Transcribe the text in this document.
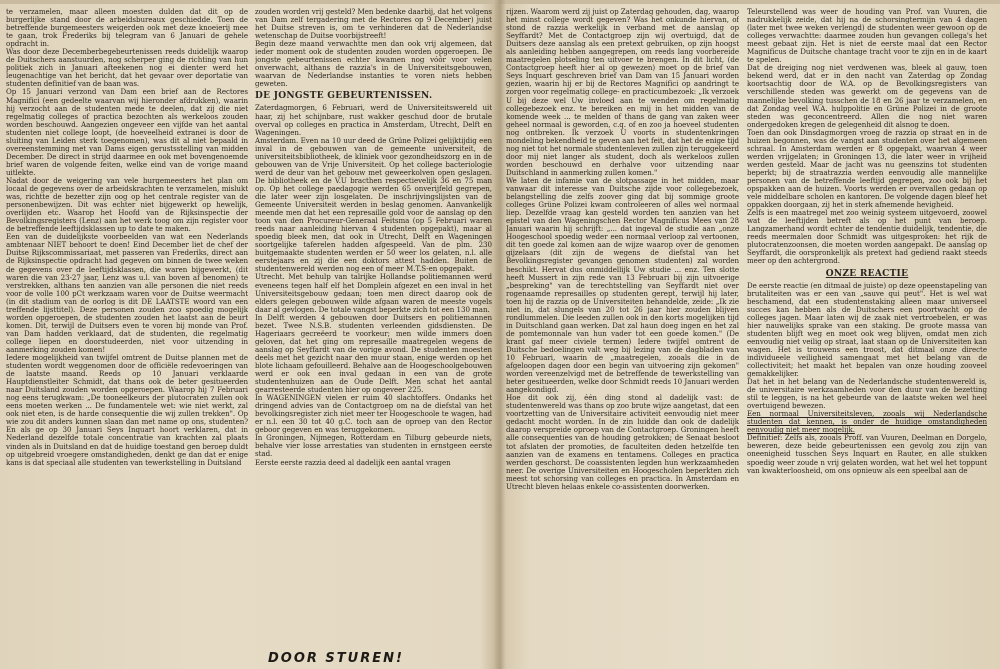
te verzamelen, maar alleen moesten dulden dat dit op de burgerlijke stand door de arbeidsbureaux geschiedde. Toen de betreffende burgemeesters weigerden ook met deze knoeierij mee te gaan, trok Frederiks bij telegram van 6 Januari de gehele opdracht in.

Was door deze Decemberbegebeurtenissen reeds duidelijk waarop de Duitschers aanstuurden, nog scherper ging de richting van hun politiek zich in Januari afteekenen nog ei dienter werd het leugenachtige van het bericht, dat het gevaar over deportatie van studenten definitief van de baan was.

Op 15 Januari verzond van Dam een brief aan de Rectores Magnifici (een gedeelte waarvan wij hieronder afdrukken), waarin hij verzocht aan de studenten mede te deelen, dat zij die niet regelmatig colleges of practica bezochten als werkeloos zouden worden beschouwd. Aangezien ongeveer een vijfde van het aantal studenten niet college loopt, (de hoeveelheid extranei is door de sluiting van Leiden sterk toegenomen), was dit al niet bepaald in overeenstemming met van Dams eigen gerustsstelling van midden December. De direct in strijd daarmee en ook met bovengenoemde brief waren de volgende feiten, welke eind van de vorige maand uitlekte.

Nadat door de weigering van vele burgemeesters het plan om locaal de gegevens over de arbeidskrachten te verzamelen, mislukt was, richtte de bezetter zijn oog op het centrale register van de personenbewijzen. Dit was echter niet bijgewerkt op hewelijk, overlijden etc. Waarop het Hoofd van de Rijksinspectie der Bevolkingsregisters (Lenz) aan het werk toog om zijn register voor de betreffende leeftijdsklassen up to date te maken.

Een van de duidelijkste voorbeelden van wat een Nederlands ambtenaar NIET behoort te doen! Eind December liet de chef der Duitse Rijkscommissariaat, met passeren van Frederiks, direct aan de Rijksinspectie opdracht had gegeven om binnen de twee weken de gegevens over de leeftijdsklassen, die waren bijgewerkt, (dit waren die van 23-27 jaar, Lenz was u.l. van boven af benomen) te verstrekken, althans ten aanzien van alle personen die niet reeds voor de volle 100 pCt werkzaam waren voor de Duitse weermacht (in dit stadium van de oorlog is dit DE LAATSTE woord van een treffende lijsttitel). Deze personen zouden zoo spoedig mogelijk worden opgeroepen, de studenten zouden het laatst aan de beurt komen. Dit, terwijl de Duitsers even te voren bij monde van Prof. van Dam hadden verklaard, dat de studenten, die regelmatig college liepen en doorstudeerden, niet voor uitzending in aanmerking zouden komen!

Iedere mogelijkheid van twijfel omtrent de Duitse plannen met de studenten wordt weggenomen door de officiële redevoeringen van de laatste maand. Reeds op 10 Januari verklaarde Hauptdienstleiter Schmidt, dat thans ook de beter gesitueerden naar Duitsland zouden worden opgeroepen. Waarop hij 7 Februari nog eens terugkwam: „De tooneelkeurs der plutocraten zullen ook eens moeten werken ... De fundamentele wet: wie niet werkt, zal ook niet eten, is de harde consequentie die wij zullen trekken". Op wie zou dit anders kunnen slaan dan met name op ons, studenten? En als ge op 30 Januari Seys Inquart hoort verklaren, dat in Nederland dezelfde totale concentratie van krachten zal plaats vinden als in Duitsland en dat de huidige toestand gen beroep duldt op uitgebreid vroegere omstandigheden, denkt ge dan dat er enige kans is dat speciaal alle studenten van tewerkstelling in Duitsland

zouden worden vrij gesteld? Men bedenke daarbij, dat het volgens van Dam zelf tergadering met de Rectores op 9 December) juist het Duitse streven is, om te verhinderen dat de Nederlandse wetenschap de Duitse voorbijstreeft!

Begin deze maand verwachtte men dan ook vrij algemeen, dat ieder moment ook de studenten zouden worden opgeroepen. De jongste gebeurtenissen echter kwamen nog vóór voor velen onverwacht, althans de razzia's in de Universiteitsgebouwen, waarvan de Nederlandse instanties te voren niets hebben geweten.

DE JONGSTE GEBEURTENISSEN.

Zaterdagmorgen, 6 Februari, werd de Universiteitswereld uit haar, zij het schijnbare, rust wakker geschud door de brutale overval op colleges en practica in Amsterdam, Utrecht, Delft en Wageningen.

Amsterdam. Even na 10 uur deed de Grüne Polizei gelijktijdig een inval in de gebouwen van de gemeente universiteit, de universiteitsbibliotheek, de kliniek voor gezondheidszorg en in de gebouwen van de Vrije Universiteit. Op het college bacteriologie werd de deur van het gebouw met geweerkolven open geslagen. De bibliotheek en de V.U bracthen respectievelijk 36 en 75 man op. Op het college paedagogie werden 65 onverijfeld gegrepen, die later weer zijn losgelaten. De inschrijvingslijsten van de Gemeente Universiteit werden in beslag genomen. Aanvankelijk meende men dat het een represaille gold voor de aanslag op den toon van den Procureur-Generaal Feitsma (op 5 Februari waren reeds naar aanleiding hiervan 4 studenten opgepakt), maar al spoedig bleek men, dat ook in Utrecht, Delft en Wageningen soortgelijke taferelen hadden afgespeeld. Van de plm. 230 buitgemaakte studenten werden er 50 weer los gelaten, n.l. alle eerstejaars en zij die een doktors attest hadden. Buiten de studentenwereld werden nog een of meer M.T.S-en opgepakt.

Utrecht. Met behulp van talrijke Hollandse politiemannen werd eveneens tegen half elf het Domplein afgezet en een inval in het Universiteitsgebouw gedaan; toen men direct daarop ook de elders gelegen gebouwen wilde afgaan waren de meeste vogels daar al gevlogen. De totale vangst beperkte zich tot een 130 man.

In Delft werden 4 gebouwen door Duitsers en politiemannen bezet. Twee N.S.B. studenten verleenden gidsdiensten. De Hageriaars gecreëerd te voorkeur; men wilde immers doen geloven, dat het ging om represaille maatregelen wegens de aanslag op Seyffardt van de vorige avond. De studenten moesten deels met het gezicht naar den muur staan, enige werden op het blote lichaam gefouilleerd. Behalve aan de Hoogeschoolgebouwen werd er ook een inval gedaan in een van de grote studentenhuizen aan de Oude Delft. Men schat het aantal gearresteerde studenten hier op ongeveer 225.

In WAGENINGEN vielen er ruim 40 slachtoffers. Ondanks het dringend advies van de Contactgroep om na de diefstal van het bevolkingsregister zich niet meer ter Hoogeschoole te wagen, had er n.l. een 30 tot 40 g.C. toch aan de oproep van den Rector geboor gegeven en was teruggekomen.

In Groningen, Nijmegen, Rotterdam en Tilburg gebeurde niets, behalve vier losse arrestaties van studenten in ernstgeen eerste stad.

Eerste eerste razzia deed al dadelijk een aantal vragen

DOOR STUREN!

rijzen. Waarom werd zij juist op Zaterdag gehouden, dag, waarop het minst college wordt gegeven? Was het onkunde hiervan, of stond de razzia werkelijk in verband met de aanslag op Seyffardt? Met de Contactgroep zijn wij overtuigd, dat de Duitsers deze aanslag als een pretext gebruiken, op zijn hoogst als aanleiding hebben aangegrepen, om reeds lang voorbereide maatregelen plotseling ten uitvoer te brengen. In dit licht, (de Contactgroep heeft hier al op gewezen) moet op de brief van Seys Inquart geschreven brief van Dam van 15 Januari worden gezien, waarin hij er bij de Rectores Magnifici op aandringt te zorgen voor regelmatig college- en practicumbezoek: „Ik verzoek U bij deze wel Uw invloed aan te wenden om regelmatig collegebezoek enz. te bereiken en mij in het midden van de komende week ... te melden of thans de gang van zaken weer geheel normaal is geworden, c.q. of en zoo ja hoeveel studenten nog ontbreken. Ik verzoek U voorts in studentenkringen mondeling bekendheid te geven aan het feit, dat het de enige tijd nog niet tot het normale studentenleven zullen zijn teruggekeerd door mij niet langer als student, doch als werkeloos zullen worden beschouwd en derhalve voor uitzending naar Duitschland in aanmerking zullen komen."

We laten de infamie van de slotpassage in het midden, maar vanwaar dit interesse van Duitsche zijde voor collegebezoek, belangstelling die zelfs zoover ging dat bij sommige groote colleges Grüne Polizei kwam controleeren of alles wel normaal liep. Dezelfde vraag kan gesteld worden ten aanzien van het epistel van den Wageningschen Rector Magnificus Mees van 28 Januari waarin hij schrijft: „... dat ingeval de studie aan „onze Hoogeschool spoedig weder een normaal verloop zal vertoonen, dit ten goede zal komen aan de wijze waarop over de genomen gijzelaars (dit zijn de wegens de diefstal van het Bevolkingsregister gevangen genomen studenten) zal worden beschikt. Hervat dus onmiddellijk Uw studie ... enz. Ten slotte heeft Mussert in zijn rede van 13 Februari bij zijn uitvoerige „bespreking" van de terechtstelling van Seyffardt niet over rogenaamde represailles op studenten gerept, terwijl hij later, toen hij de razzia op de Universiteiten behandelde, zeide: „Ik zie niet in, dat slungels van 20 tot 26 jaar hier zouden blijven rondlummelen. Die leeden zullen ook in den korts mogelijken tijd in Duitschland gaan werken. Dat zal haun doeg ingen en het zal de pomtemonnale van hun vader tot een goede komen." (De krant gaf meer civiele termen) Iedere twijfel omtrent de Duitsche bedoelingen valt weg bij lezing van de dagbladen van 10 Februari, waarin de „maatregelen, zooals die in de afgeloopen dagen door een begin van uitvoering zijn gekomen" worden vereenzelvigd met de betreffende de tewerkstelling van beter gesitueerden, welke door Schmidt reeds 10 Januari werden aangekondigd.

Hoe dit ook zij, één ding stond al dadelijk vast: de studentenwereld was thans op zoo brute wijze aangetast, dat een voortzetting van de Universitaire activiteit eenvoudig niet meer gedacht mocht worden. In de zin luidde dan ook de dadelijk daarop verspreide oproep van de Contactgroep. Groningen heeft alle consequenties van de houding getrokken; de Senaat besloot tot afslaten der promoties, de faculteiten deden hetzelfde ten aanzien van de examens en tentamens. Colleges en practica werden geschorst. De coassistenten legden hun werkzaamheden neer. De overige Universiteiten en Hoogescholen beperkten zich meest tot schorsing van colleges en practica. In Amsterdam en Utrecht bleven helaas enkele co-assistenten doorwerken.

Teleurstellend was weer de houding van Prof. van Vuuren, die nadrukkelijk zeide, dat hij na de schorsingtermijn van 4 dagen (later met twee weken verlengd) de studenten weer gewoon op de colleges verwachtte: daarmee zouden hun gevangen collega's het meest gebaat zijn. Het is niet de eerste maal dat een Rector Magnificus de Duitsche chantage tracht voor te zijn en in de kaart te spelen.

Dat de dreiging nog niet verdwenen was, bleek al gauw, toen bekend werd, dat er in den nacht van Zaterdag op Zondag koortsachtig door de W.A. op de Bevolkingsregisters van verschillende steden was gewerkt om de gegevens van de mannelijke bevolking tusschen de 18 en 26 jaar te verzamelen, en dat Zondag veel W.A. hulppolitie en Grüne Polizei in de groote steden was geconcentreerd. Allen die nog niet waren ondergedoken kregen de gelegenheid dit alsnog te doen.

Toen dan ook Dinsdagmorgen vroeg de razzia op straat en in de huizen begonnen, was de vangst aan studenten over het algemeen schraal. In Amsterdam werden er 8 opgepakt, waarvan 4 weer werden vrijgelaten; in Groningen 13, die later weer in vrijheid werden gesteld. Maar de jacht was nu geenszins tot studenten beperkt; bij de straatrazzia werden eenvoudig alle mannelijke personen van de betreffende leeftijd gegrepen, zoo ook bij het opspakken aan de huizen. Voorts werden er overvallen gedaan op vele middelbare scholen en kantoren. De volgende dagen bleef het oppakken doorgaan, zij het in sterk afnemende hevigheid.

Zelfs is een maatregel met zoo weinig systeem uitgevoerd, zoowel wat de leeftijden betreft als op het punt van beroep. Langzamerhand wordt echter de tendentie duidelijk, tendentie, die reeds meermalen door Schmidt was uitgesproken: het rijk de plutocratenzoonsen, die moeten worden aangepakt. De aanslag op Seyffardt, die oorspronkelijk als pretext had gediend raakt steeds meer op den achtergrond.

ONZE REACTIE

De eerste reactie (en ditmaal de juiste) op deze opeenstapeling van brutaliteiten was er een van „sauve qui peut". Het is wel wat beschamend, dat een studentenstaking alleen maar universeel succes kan hebben als de Duitschers een poortwacht op de colleges jagen. Maar laten wij de zaak niet vertroebelen, er was hier nauwelijks sprake van een staking. De groote massa van studenten blijft weg en moet ook weg blijven, omdat men zich eenvoudig niet veilig op straat, laat staan op de Universiteiten kan wagen. Het is trouwens een troost, dat ditmaal onze directe individueele veiligheid samengaat met het belang van de collectiviteit; het maakt het bepalen van onze houding zooveel gemakkelijker.

Dat het in het belang van de Nederlandsche studentenwereld is, de universitaire werkzaamheden voor den duur van de bezetting stil te leggen, is na het gebeurde van de laatste weken wel heel overtuigend bewezen.

Een normaal Universiteitsleven, zooals wij Nederlandsche studenten dat kennen, is onder de huidige omstandigheden eenvoudig niet meer mogelijk.

Definitief: Zelfs als, zooals Proff. van Vuuren, Deelman en Dorgelo, beweren, deze beide gebeurtenissen een gevolg zou zijn van oneenigheid tusschen Seys Inquart en Rauter, en alle stukken spoedig weer zoude n vrij gelaten worden, wat het wel het toppunt van kwakterloosheid, om ons opnieuw als een speelbal aan de
